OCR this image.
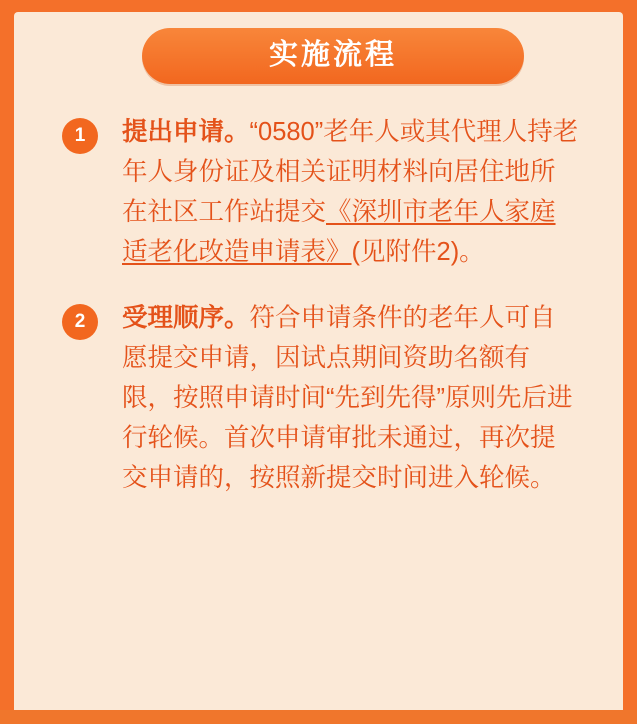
实施流程
1	提出申请。“0580”老年人或其代理人持老年人身份证及相关证明材料向居住地所在社区工作站提交《深圳市老年人家庭适老化改造申请表》(见附件2)。
2	受理顺序。符合申请条件的老年人可自愿提交申请，因试点期间资助名额有限，按照申请时间“先到先得”原则先后进行轮候。首次申请审批未通过，再次提交申请的，按照新提交时间进入轮候。
